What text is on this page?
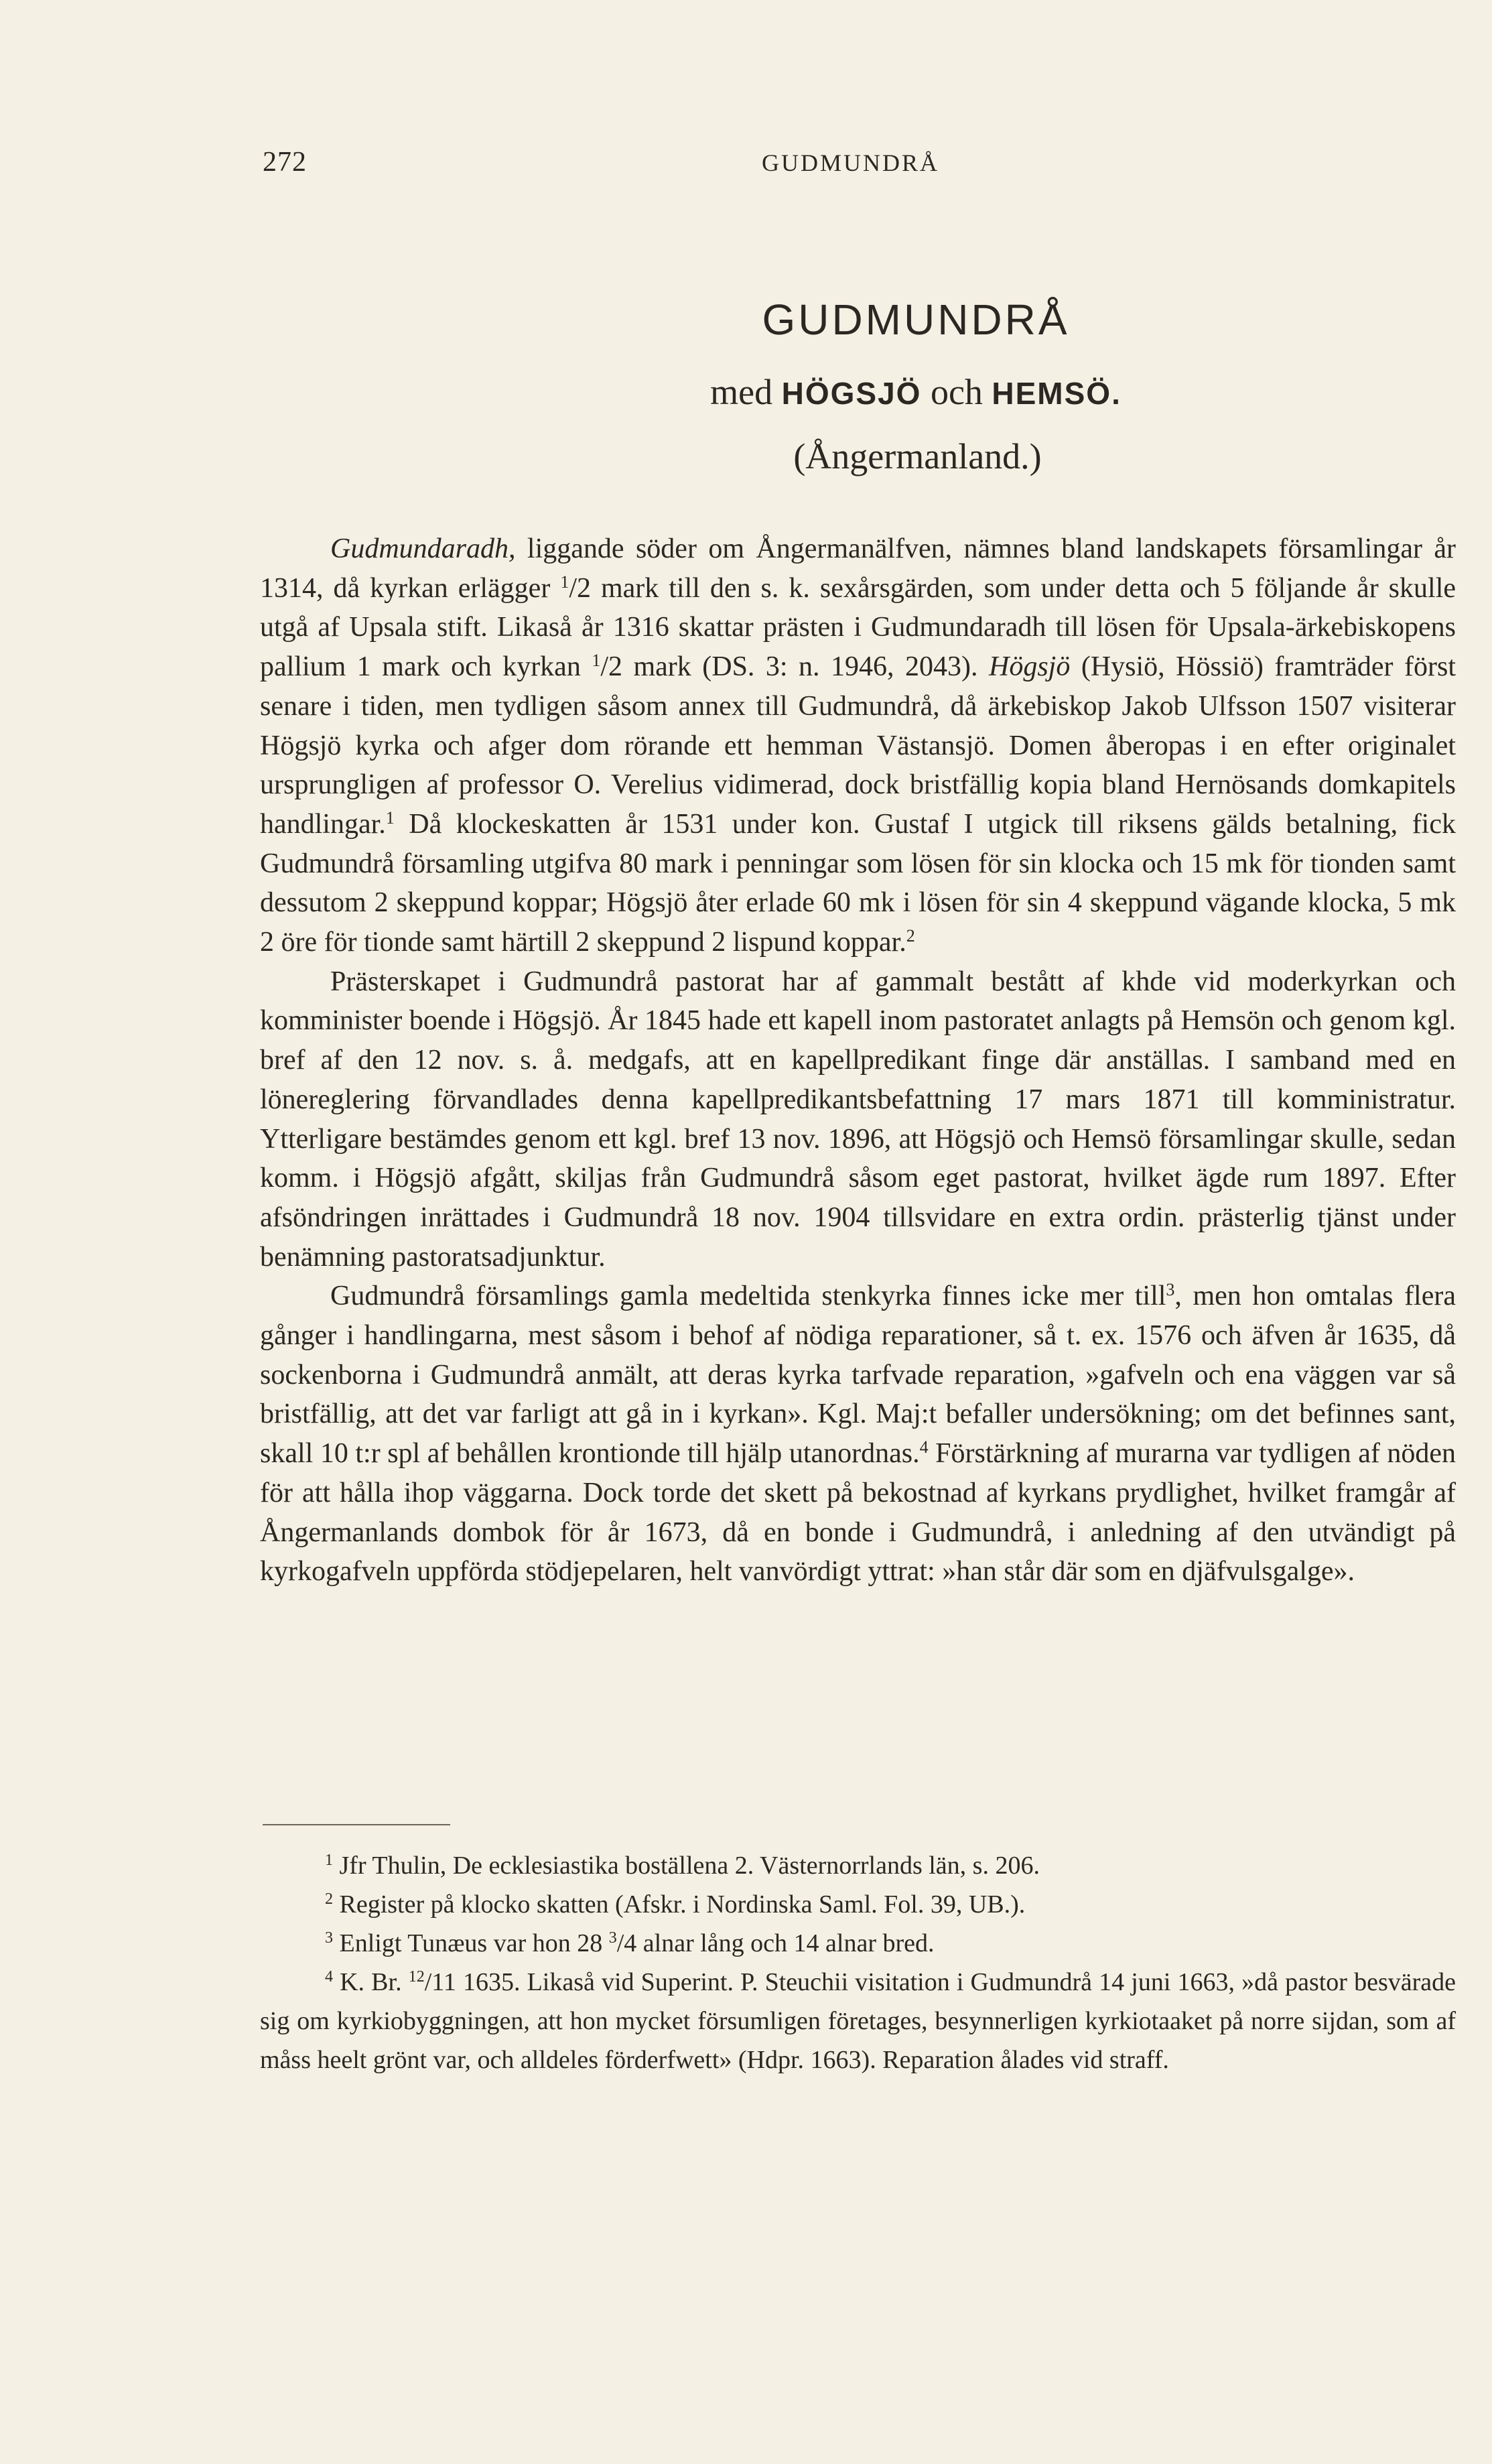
272	GUDMUNDRÅ
GUDMUNDRÅ
med HÖGSJÖ och HEMSÖ.
(Ångermanland.)

Gudmundaradh, liggande söder om Ångermanälfven, nämnes bland landskapets församlingar år 1314, då kyrkan erlägger $^1$/2 mark till den s. k. sexårsgärden, som under detta och 5 följande år skulle utgå af Upsala stift. Likaså år 1316 skattar prästen i Gudmundaradh till lösen för Upsala-ärkebiskopens pallium 1 mark och kyrkan $^1$/2 mark (DS. 3: n. 1946, 2043). Högsjö (Hysiö, Hössiö) framträder först senare i tiden, men tydligen såsom annex till Gudmundrå, då ärkebiskop Jakob Ulfsson 1507 visiterar Högsjö kyrka och afger dom rörande ett hemman Västansjö. Domen åberopas i en efter originalet ursprungligen af professor O. Verelius vidimerad, dock bristfällig kopia bland Hernösands domkapitels handlingar.$^1$ Då klockeskatten år 1531 under kon. Gustaf I utgick till riksens gälds betalning, fick Gudmundrå församling utgifva 80 mark i penningar som lösen för sin klocka och 15 mk för tionden samt dessutom 2 skeppund koppar; Högsjö åter erlade 60 mk i lösen för sin 4 skeppund vägande klocka, 5 mk 2 öre för tionde samt härtill 2 skeppund 2 lispund koppar.$^2$

Prästerskapet i Gudmundrå pastorat har af gammalt bestått af khde vid moderkyrkan och komminister boende i Högsjö. År 1845 hade ett kapell inom pastoratet anlagts på Hemsön och genom kgl. bref af den 12 nov. s. å. medgafs, att en kapellpredikant finge där anställas. I samband med en lönereglering förvandlades denna kapellpredikantsbefattning 17 mars 1871 till komministratur. Ytterligare bestämdes genom ett kgl. bref 13 nov. 1896, att Högsjö och Hemsö församlingar skulle, sedan komm. i Högsjö afgått, skiljas från Gudmundrå såsom eget pastorat, hvilket ägde rum 1897. Efter afsöndringen inrättades i Gudmundrå 18 nov. 1904 tillsvidare en extra ordin. prästerlig tjänst under benämning pastoratsadjunktur.

Gudmundrå församlings gamla medeltida stenkyrka finnes icke mer till$^3$, men hon omtalas flera gånger i handlingarna, mest såsom i behof af nödiga reparationer, så t. ex. 1576 och äfven år 1635, då sockenborna i Gudmundrå anmält, att deras kyrka tarfvade reparation, »gafveln och ena väggen var så bristfällig, att det var farligt att gå in i kyrkan». Kgl. Maj:t befaller undersökning; om det befinnes sant, skall 10 t:r spl af behållen krontionde till hjälp utanordnas.$^4$ Förstärkning af murarna var tydligen af nöden för att hålla ihop väggarna. Dock torde det skett på bekostnad af kyrkans prydlighet, hvilket framgår af Ångermanlands dombok för år 1673, då en bonde i Gudmundrå, i anledning af den utvändigt på kyrkogafveln uppförda stödjepelaren, helt vanvördigt yttrat: »han står där som en djäfvulsgalge».

$^1$ Jfr Thulin, De ecklesiastika boställena 2. Västernorrlands län, s. 206.

$^2$ Register på klocko skatten (Afskr. i Nordinska Saml. Fol. 39, UB.).

$^3$ Enligt Tunæus var hon 28 $^3$/4 alnar lång och 14 alnar bred.

$^4$ K. Br. $^{12}$/11 1635. Likaså vid Superint. P. Steuchii visitation i Gudmundrå 14 juni 1663, »då pastor besvärade sig om kyrkiobyggningen, att hon mycket försumligen företages, besynnerligen kyrkiotaaket på norre sijdan, som af måss heelt grönt var, och alldeles förderfwett» (Hdpr. 1663). Reparation ålades vid straff.
